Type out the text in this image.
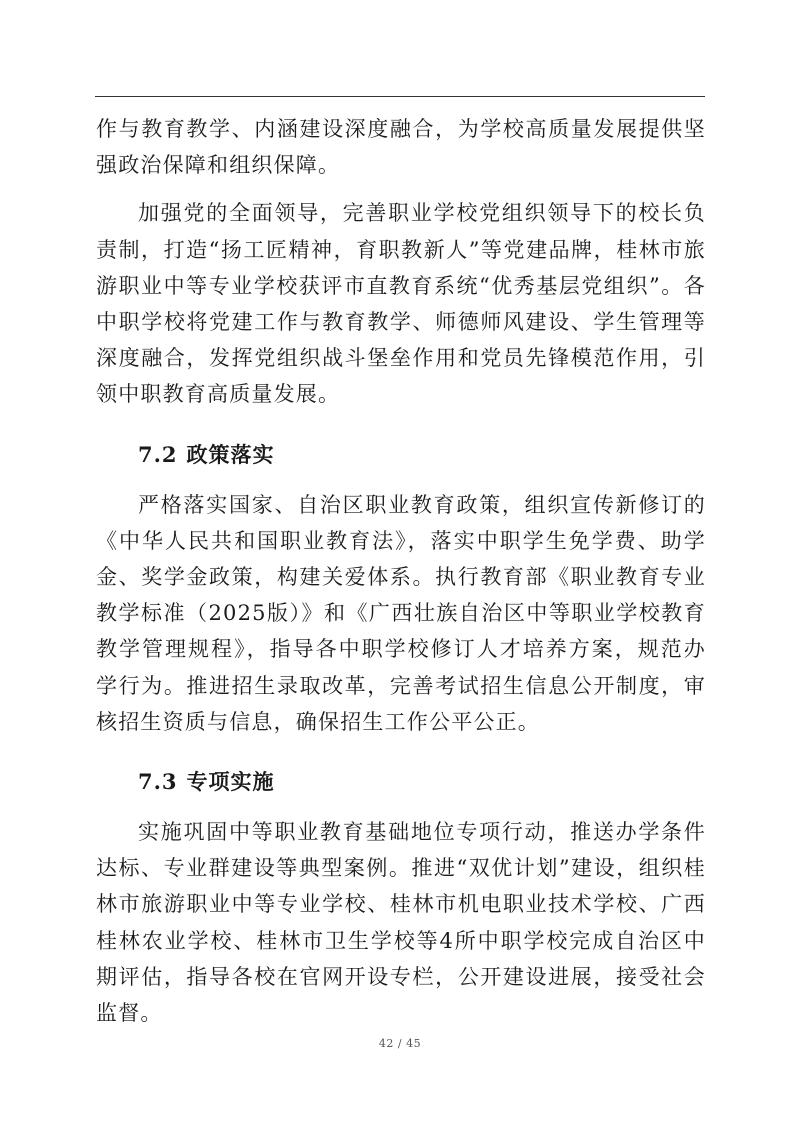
作与教育教学、内涵建设深度融合，为学校高质量发展提供坚强政治保障和组织保障。

加强党的全面领导，完善职业学校党组织领导下的校长负责制，打造“扬工匠精神，育职教新人”等党建品牌，桂林市旅游职业中等专业学校获评市直教育系统“优秀基层党组织”。各中职学校将党建工作与教育教学、师德师风建设、学生管理等深度融合，发挥党组织战斗堡垒作用和党员先锋模范作用，引领中职教育高质量发展。

7.2 政策落实

严格落实国家、自治区职业教育政策，组织宣传新修订的《中华人民共和国职业教育法》，落实中职学生免学费、助学金、奖学金政策，构建关爱体系。执行教育部《职业教育专业教学标准（2025版）》和《广西壮族自治区中等职业学校教育教学管理规程》，指导各中职学校修订人才培养方案，规范办学行为。推进招生录取改革，完善考试招生信息公开制度，审核招生资质与信息，确保招生工作公平公正。

7.3 专项实施

实施巩固中等职业教育基础地位专项行动，推送办学条件达标、专业群建设等典型案例。推进“双优计划”建设，组织桂林市旅游职业中等专业学校、桂林市机电职业技术学校、广西桂林农业学校、桂林市卫生学校等4所中职学校完成自治区中期评估，指导各校在官网开设专栏，公开建设进展，接受社会监督。

42 / 45
